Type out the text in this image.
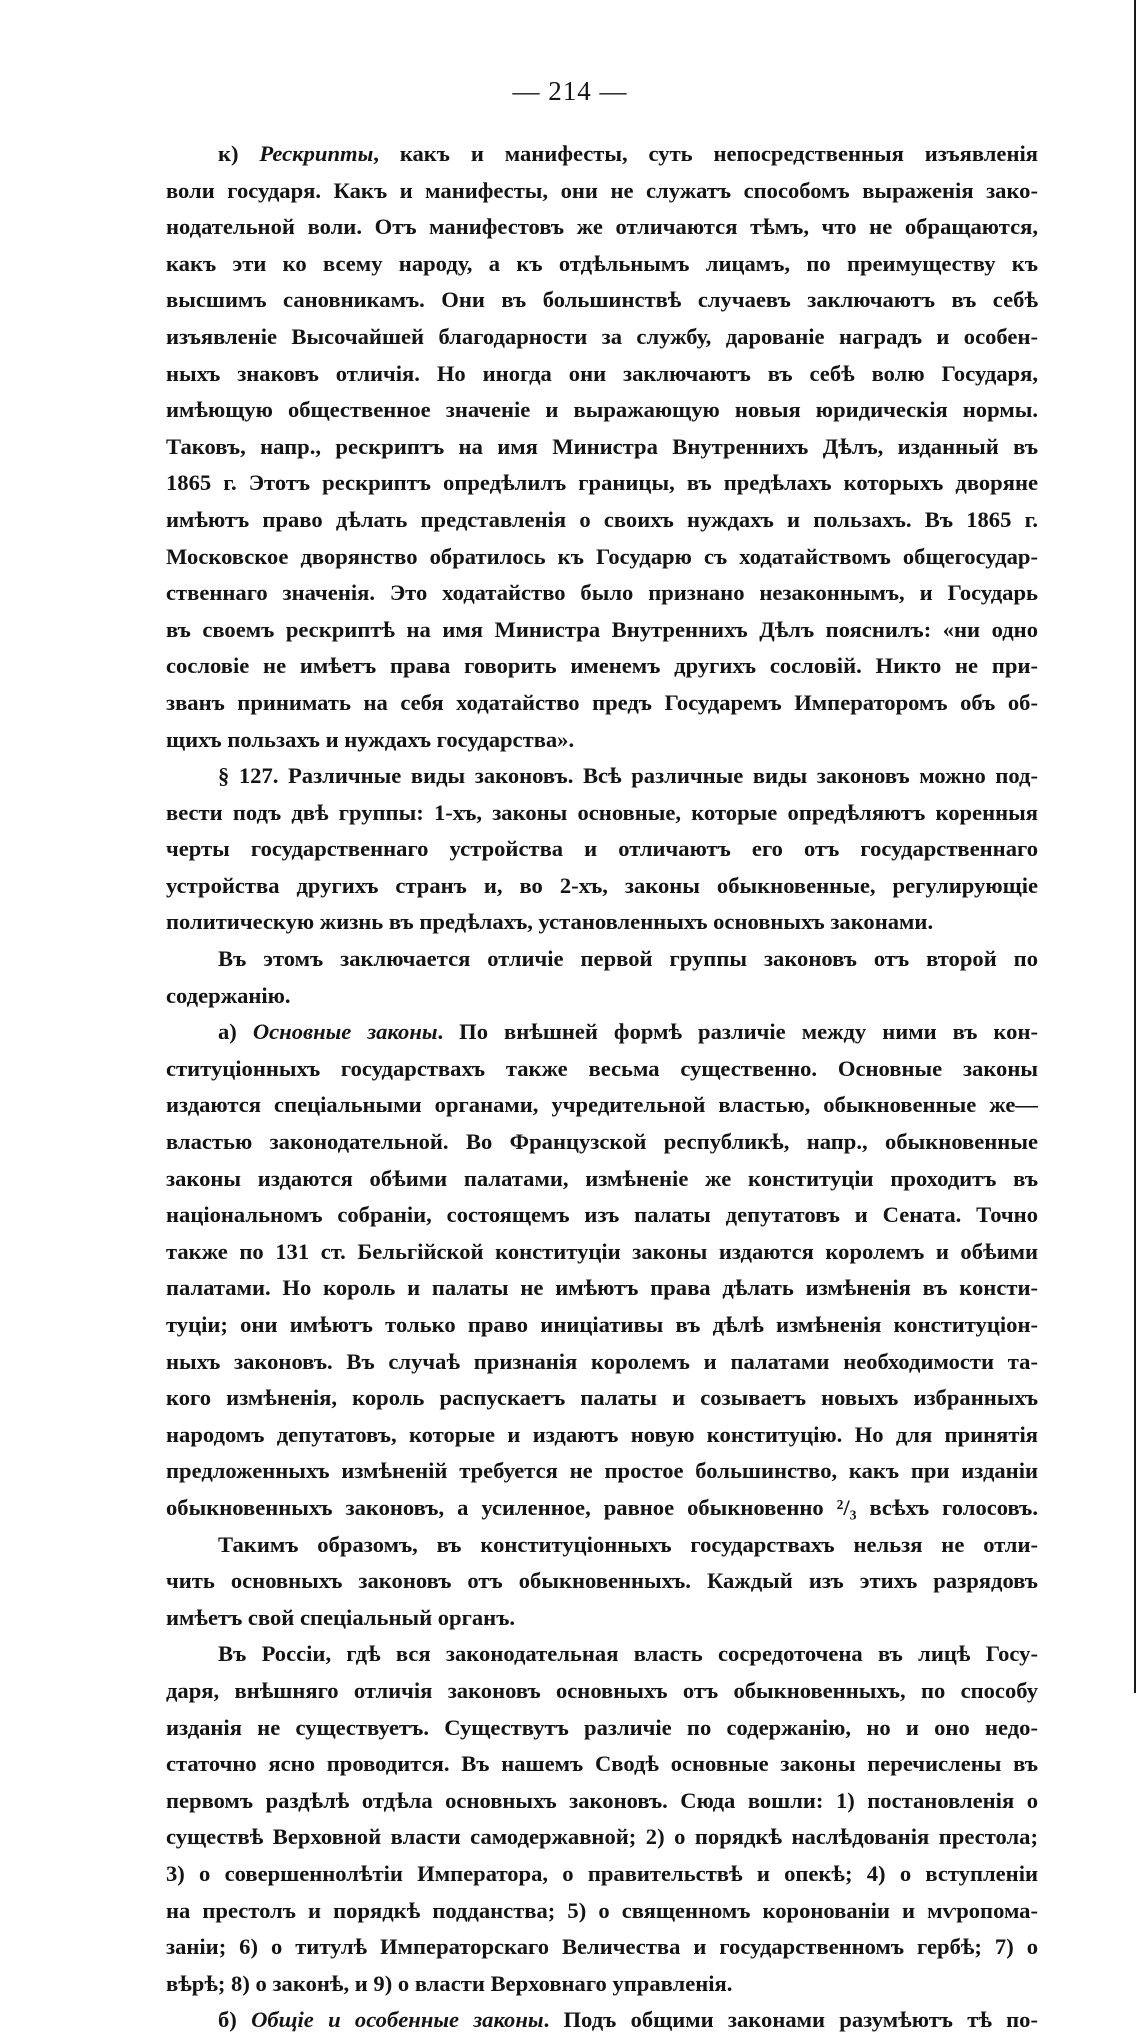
— 214 —
к) Рескрипты, какъ и манифесты, суть непосредственныя изъявленія
воли государя. Какъ и манифесты, они не служатъ способомъ выраженія зако-
нодательной воли. Отъ манифестовъ же отличаются тѣмъ, что не обращаются,
какъ эти ко всему народу, а къ отдѣльнымъ лицамъ, по преимуществу къ
высшимъ сановникамъ. Они въ большинствѣ случаевъ заключаютъ въ себѣ
изъявленіе Высочайшей благодарности за службу, дарованіе наградъ и особен-
ныхъ знаковъ отличія. Но иногда они заключаютъ въ себѣ волю Государя,
имѣющую общественное значеніе и выражающую новыя юридическія нормы.
Таковъ, напр., рескриптъ на имя Министра Внутреннихъ Дѣлъ, изданный въ
1865 г. Этотъ рескриптъ опредѣлилъ границы, въ предѣлахъ которыхъ дворяне
имѣютъ право дѣлать представленія о своихъ нуждахъ и пользахъ. Въ 1865 г.
Московское дворянство обратилось къ Государю съ ходатайствомъ общегосудар-
ственнаго значенія. Это ходатайство было признано незаконнымъ, и Государь
въ своемъ рескриптѣ на имя Министра Внутреннихъ Дѣлъ пояснилъ: «ни одно
сословіе не имѣетъ права говорить именемъ другихъ сословій. Никто не при-
званъ принимать на себя ходатайство предъ Государемъ Императоромъ объ об-
щихъ пользахъ и нуждахъ государства».
§ 127. Различные виды законовъ. Всѣ различные виды законовъ можно под-
вести подъ двѣ группы: 1-хъ, законы основные, которые опредѣляютъ коренныя
черты государственнаго устройства и отличаютъ его отъ государственнаго
устройства другихъ странъ и, во 2-хъ, законы обыкновенные, регулирующіе
политическую жизнь въ предѣлахъ, установленныхъ основныхъ законами.
Въ этомъ заключается отличіе первой группы законовъ отъ второй по
содержанію.
а) Основные законы. По внѣшней формѣ различіе между ними въ кон-
ституціонныхъ государствахъ также весьма существенно. Основные законы
издаются спеціальными органами, учредительной властью, обыкновенные же—
властью законодательной. Во Французской республикѣ, напр., обыкновенные
законы издаются обѣими палатами, измѣненіе же конституціи проходитъ въ
національномъ собраніи, состоящемъ изъ палаты депутатовъ и Сената. Точно
также по 131 ст. Бельгійской конституціи законы издаются королемъ и обѣими
палатами. Но король и палаты не имѣютъ права дѣлать измѣненія въ консти-
туціи; они имѣютъ только право иниціативы въ дѣлѣ измѣненія конституціон-
ныхъ законовъ. Въ случаѣ признанія королемъ и палатами необходимости та-
кого измѣненія, король распускаетъ палаты и созываетъ новыхъ избранныхъ
народомъ депутатовъ, которые и издаютъ новую конституцію. Но для принятія
предложенныхъ измѣненій требуется не простое большинство, какъ при изданіи
обыкновенныхъ законовъ, а усиленное, равное обыкновенно ²/₃ всѣхъ голосовъ.
Такимъ образомъ, въ конституціонныхъ государствахъ нельзя не отли-
чить основныхъ законовъ отъ обыкновенныхъ. Каждый изъ этихъ разрядовъ
имѣетъ свой спеціальный органъ.
Въ Россіи, гдѣ вся законодательная власть сосредоточена въ лицѣ Госу-
даря, внѣшняго отличія законовъ основныхъ отъ обыкновенныхъ, по способу
изданія не существуетъ. Существутъ различіе по содержанію, но и оно недо-
статочно ясно проводится. Въ нашемъ Сводѣ основные законы перечислены въ
первомъ раздѣлѣ отдѣла основныхъ законовъ. Сюда вошли: 1) постановленія о
существѣ Верховной власти самодержавной; 2) о порядкѣ наслѣдованія престола;
3) о совершеннолѣтіи Императора, о правительствѣ и опекѣ; 4) о вступленіи
на престолъ и порядкѣ подданства; 5) о священномъ коронованіи и мѵропома-
заніи; 6) о титулѣ Императорскаго Величества и государственномъ гербѣ; 7) о
вѣрѣ; 8) о законѣ, и 9) о власти Верховнаго управленія.
б) Общіе и особенные законы. Подъ общими законами разумѣютъ тѣ по-
